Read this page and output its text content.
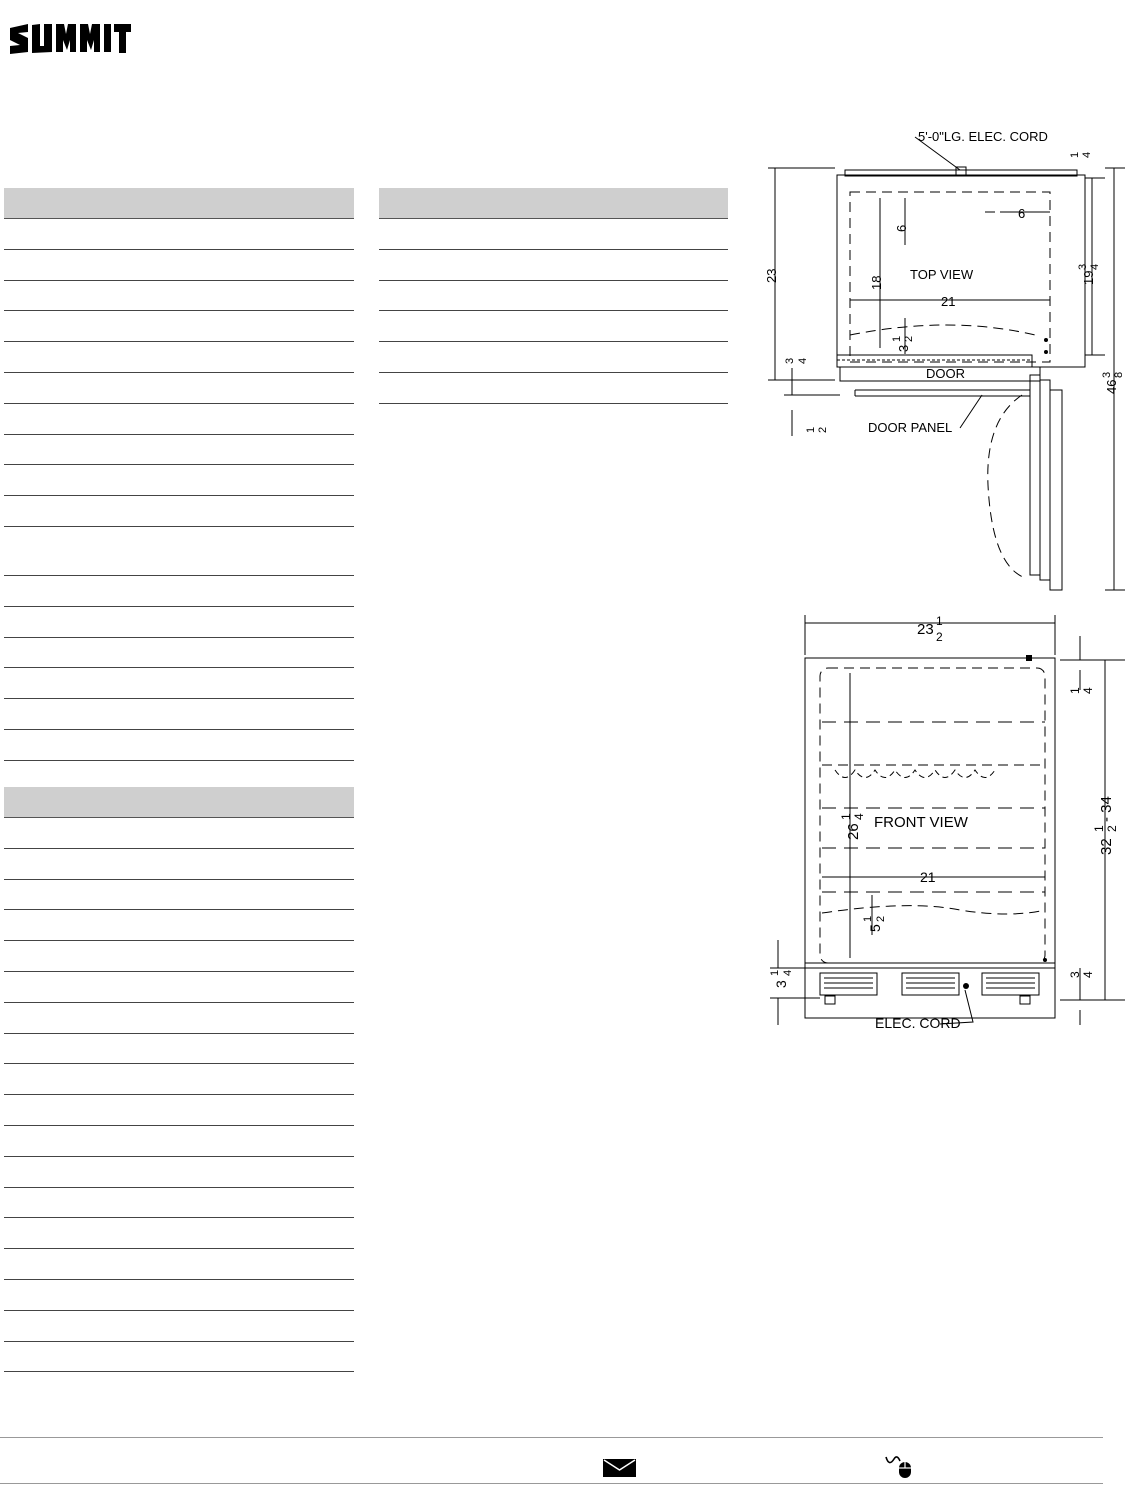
5'-0"LG. ELEC. CORD
TOP VIEW
DOOR
DOOR PANEL
21
6
6
18
23
3
1 2
3 4
1 2
19
3 4
1 4
46
3 8
FRONT VIEW
ELEC. CORD
23 1
2
21
26
1 4
5
1 2
1 4
3
1 4	3 4
32
1 2
- 34
